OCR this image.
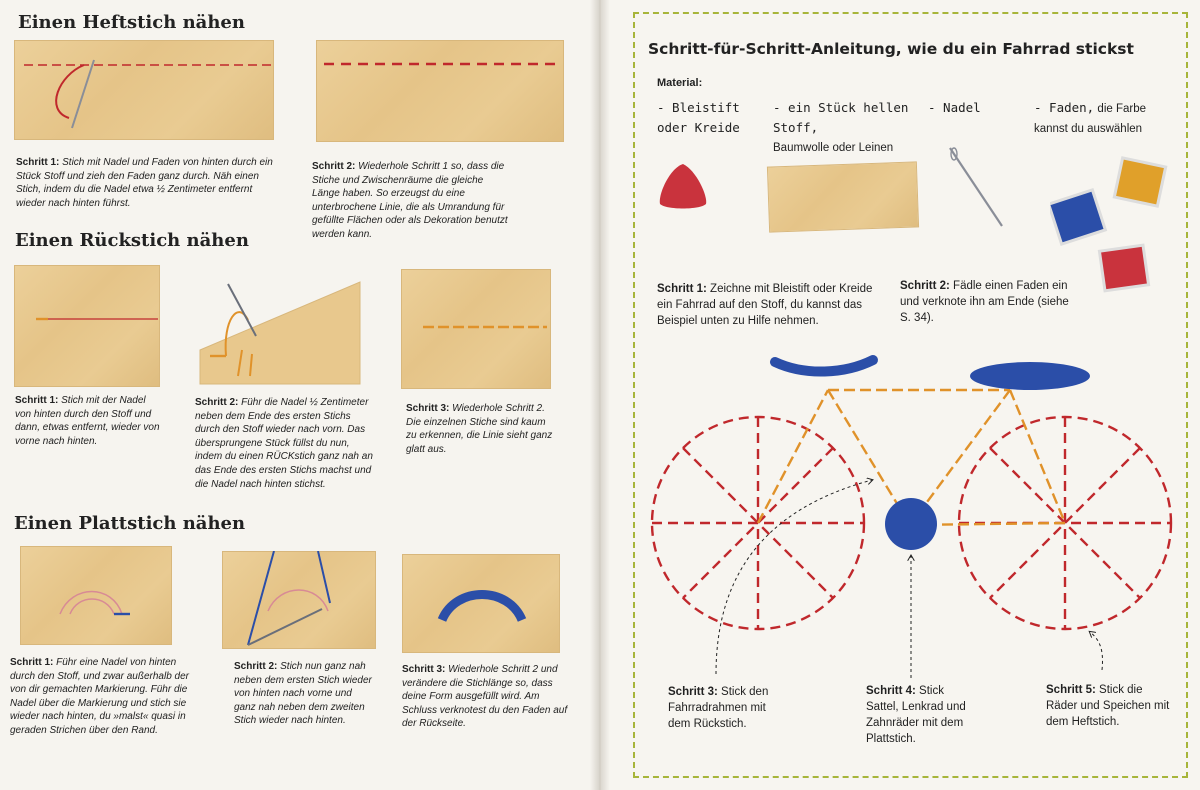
Einen Heftstich nähen
Schritt 1: Stich mit Nadel und Faden von hinten durch ein Stück Stoff und zieh den Faden ganz durch. Näh einen Stich, indem du die Nadel etwa ½ Zentimeter entfernt wieder nach hinten führst.
Schritt 2: Wiederhole Schritt 1 so, dass die Stiche und Zwischenräume die gleiche Länge haben. So erzeugst du eine unterbrochene Linie, die als Umrandung für gefüllte Flächen oder als Dekoration benutzt werden kann.
Einen Rückstich nähen
Schritt 1: Stich mit der Nadel von hinten durch den Stoff und dann, etwas entfernt, wieder von vorne nach hinten.
Schritt 2: Führ die Nadel ½ Zentimeter neben dem Ende des ersten Stichs durch den Stoff wieder nach vorn. Das übersprungene Stück füllst du nun, indem du einen RÜCKstich ganz nah an das Ende des ersten Stichs machst und die Nadel nach hinten stichst.
Schritt 3: Wiederhole Schritt 2. Die einzelnen Stiche sind kaum zu erkennen, die Linie sieht ganz glatt aus.
Einen Plattstich nähen
Schritt 1: Führ eine Nadel von hinten durch den Stoff, und zwar außerhalb der von dir gemachten Markierung. Führ die Nadel über die Markierung und stich sie wieder nach hinten, du »malst« quasi in geraden Strichen über den Rand.
Schritt 2: Stich nun ganz nah neben dem ersten Stich wieder von hinten nach vorne und ganz nah neben dem zweiten Stich wieder nach hinten.
Schritt 3: Wiederhole Schritt 2 und verändere die Stichlänge so, dass deine Form ausgefüllt wird. Am Schluss verknotest du den Faden auf der Rückseite.
Schritt-für-Schritt-Anleitung, wie du ein Fahrrad stickst
Material:
- Bleistift oder Kreide
- ein Stück hellen Stoff,
Baumwolle oder Leinen
- Nadel	- Faden, die Farbe kannst du auswählen
Schritt 1: Zeichne mit Bleistift oder Kreide ein Fahrrad auf den Stoff, du kannst das Beispiel unten zu Hilfe nehmen.
Schritt 2: Fädle einen Faden ein und verknote ihn am Ende (siehe S. 34).
Schritt 3: Stick den Fahrradrahmen mit dem Rückstich.
Schritt 4: Stick Sattel, Lenkrad und Zahnräder mit dem Plattstich.
Schritt 5: Stick die Räder und Speichen mit dem Heftstich.
